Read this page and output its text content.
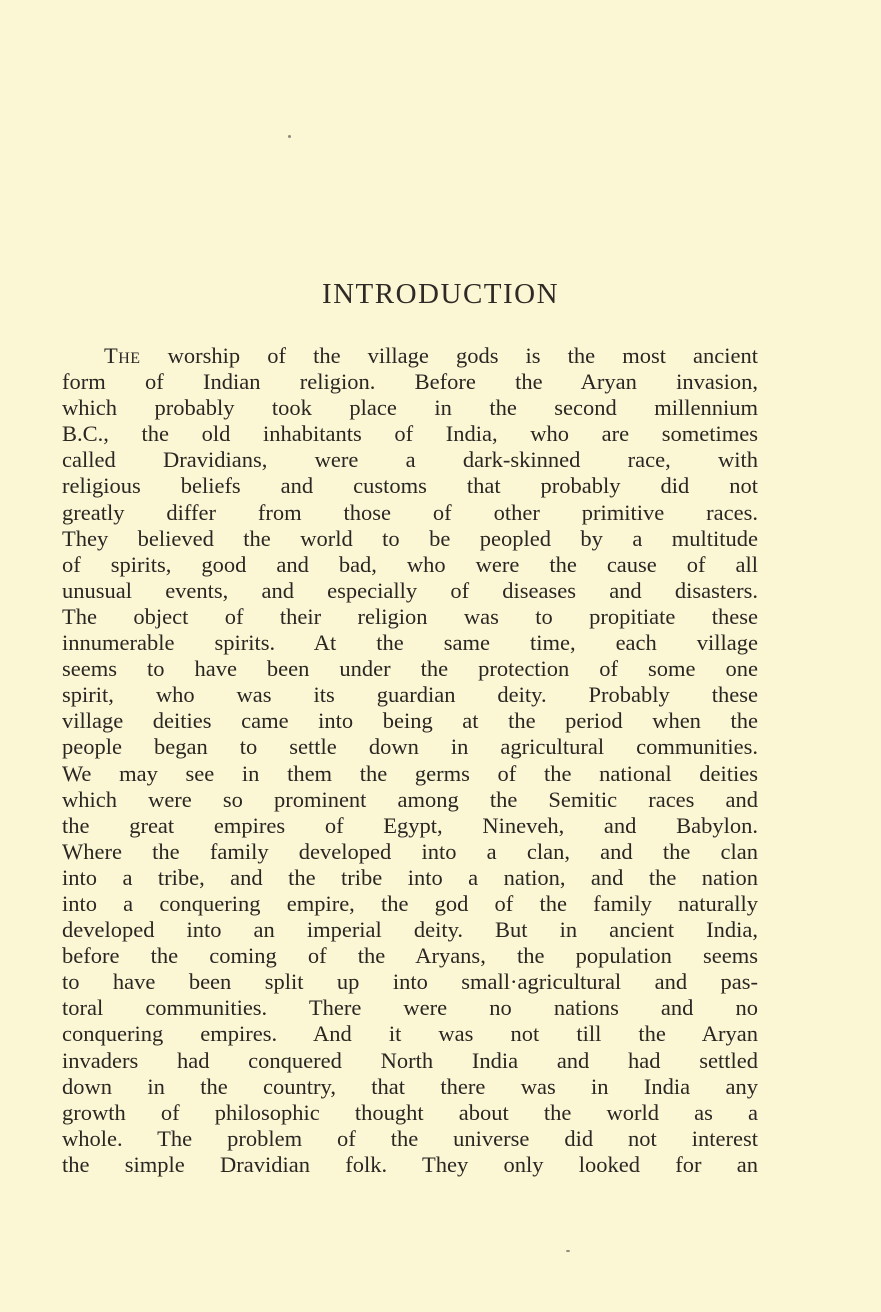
INTRODUCTION
The worship of the village gods is the most ancient
form of Indian religion. Before the Aryan invasion,
which probably took place in the second millennium
B.C., the old inhabitants of India, who are sometimes
called Dravidians, were a dark-skinned race, with
religious beliefs and customs that probably did not
greatly differ from those of other primitive races.
They believed the world to be peopled by a multitude
of spirits, good and bad, who were the cause of all
unusual events, and especially of diseases and disasters.
The object of their religion was to propitiate these
innumerable spirits. At the same time, each village
seems to have been under the protection of some one
spirit, who was its guardian deity. Probably these
village deities came into being at the period when the
people began to settle down in agricultural communities.
We may see in them the germs of the national deities
which were so prominent among the Semitic races and
the great empires of Egypt, Nineveh, and Babylon.
Where the family developed into a clan, and the clan
into a tribe, and the tribe into a nation, and the nation
into a conquering empire, the god of the family naturally
developed into an imperial deity. But in ancient India,
before the coming of the Aryans, the population seems
to have been split up into small·agricultural and pas-
toral communities. There were no nations and no
conquering empires. And it was not till the Aryan
invaders had conquered North India and had settled
down in the country, that there was in India any
growth of philosophic thought about the world as a
whole. The problem of the universe did not interest
the simple Dravidian folk. They only looked for an
